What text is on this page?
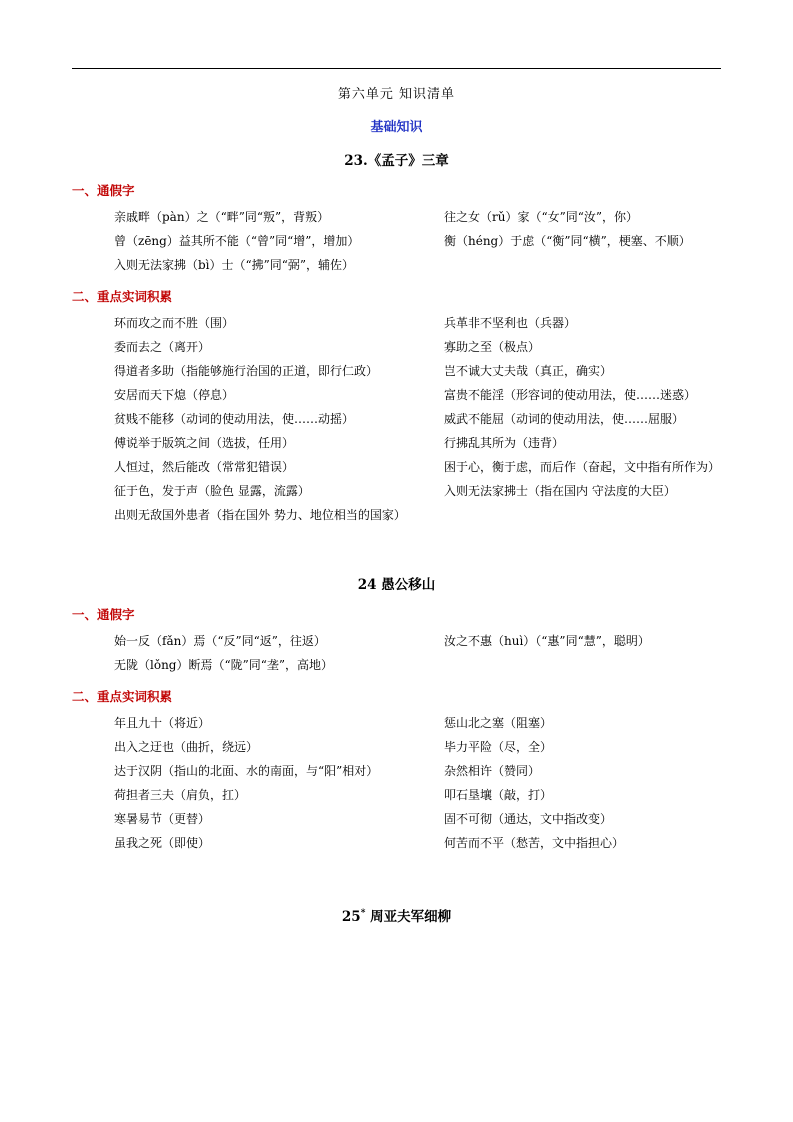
第六单元 知识清单
基础知识
23.《孟子》三章
一、通假字
亲戚畔（pàn）之（“畔”同“叛”，背叛）	往之女（rǔ）家（“女”同“汝”，你）
曾（zēng）益其所不能（“曾”同“增”，增加）	衡（héng）于虑（“衡”同“横”，梗塞、不顺）
入则无法家拂（bì）士（“拂”同“弼”，辅佐）
二、重点实词积累
环而攻之而不胜（围）	兵革非不坚利也（兵器）
委而去之（离开）	寡助之至（极点）
得道者多助（指能够施行治国的正道，即行仁政）	岂不诚大丈夫哉（真正，确实）
安居而天下熄（停息）	富贵不能淫（形容词的使动用法，使……迷惑）
贫贱不能移（动词的使动用法，使……动摇）	威武不能屈（动词的使动用法，使……屈服）
傅说举于版筑之间（选拔，任用）	行拂乱其所为（违背）
人恒过，然后能改（常常犯错误）	困于心，衡于虑，而后作（奋起，文中指有所作为）
征于色，发于声（脸色 显露，流露）	入则无法家拂士（指在国内 守法度的大臣）
出则无敌国外患者（指在国外 势力、地位相当的国家）
24 愚公移山
一、通假字
始一反（fǎn）焉（“反”同“返”，往返）	汝之不惠（huì）（“惠”同“慧”，聪明）
无陇（lǒng）断焉（“陇”同“垄”，高地）
二、重点实词积累
年且九十（将近）	惩山北之塞（阻塞）
出入之迂也（曲折，绕远）	毕力平险（尽，全）
达于汉阴（指山的北面、水的南面，与“阳”相对）	杂然相许（赞同）
荷担者三夫（肩负，扛）	叩石垦壤（敲，打）
寒暑易节（更替）	固不可彻（通达，文中指改变）
虽我之死（即使）	何苦而不平（愁苦，文中指担心）
25* 周亚夫军细柳
